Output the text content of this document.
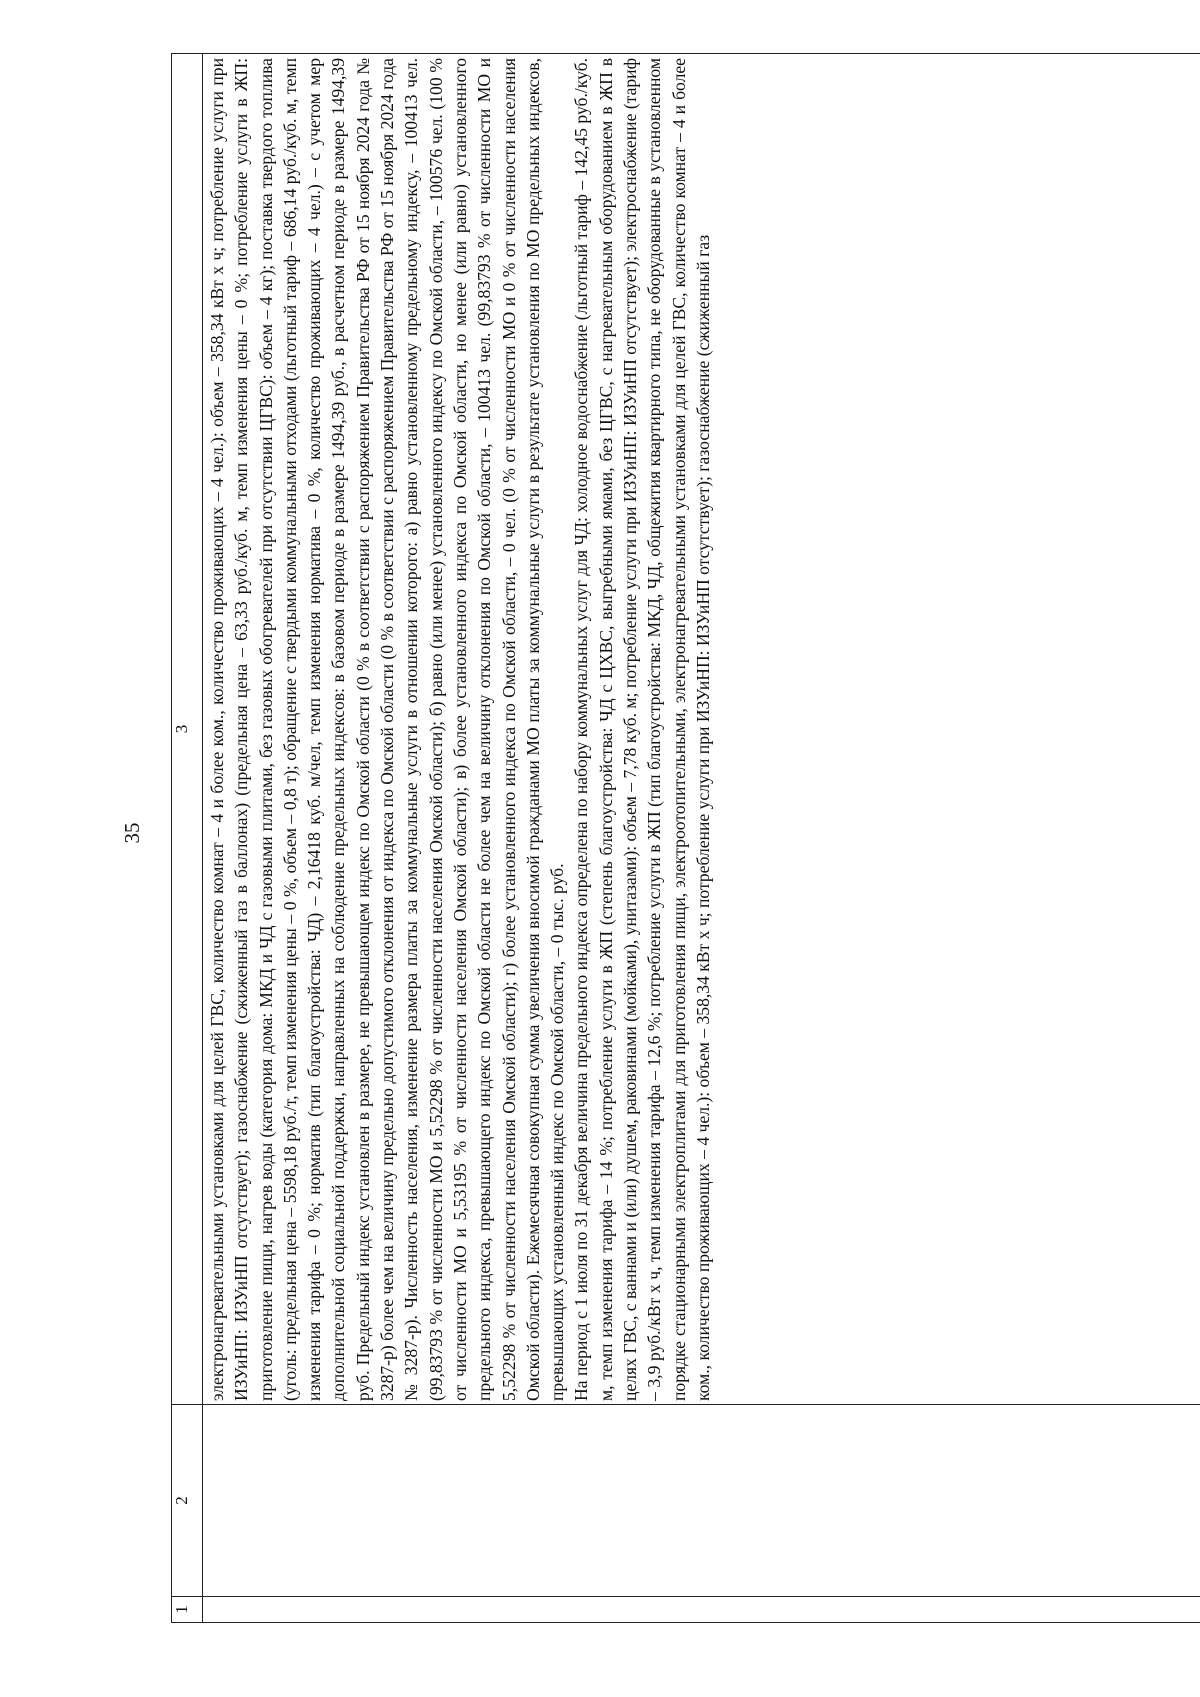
35
1	2	3

		электронагревательными установками для целей ГВС, количество комнат – 4 и более ком., количество проживающих – 4 чел.): объем – 358,34 кВт х ч; потребление услуги при ИЗУиНП: ИЗУиНП отсутствует); газоснабжение (сжиженный газ в баллонах) (предельная цена – 63,33 руб./куб. м, темп изменения цены – 0 %; потребление услуги в ЖП: приготовление пищи, нагрев воды (категория дома: МКД и ЧД с газовыми плитами, без газовых обогревателей при отсутствии ЦГВС): объем – 4 кг); поставка твердого топлива (уголь: предельная цена – 5598,18 руб./т, темп изменения цены – 0 %, объем – 0,8 т); обращение с твердыми коммунальными отходами (льготный тариф – 686,14 руб./куб. м, темп изменения тарифа – 0 %; норматив (тип благоустройства: ЧД) – 2,16418 куб. м/чел, темп изменения норматива – 0 %, количество проживающих – 4 чел.) – с учетом мер дополнительной социальной поддержки, направленных на соблюдение предельных индексов: в базовом периоде в размере 1494,39 руб., в расчетном периоде в размере 1494,39 руб. Предельный индекс установлен в размере, не превышающем индекс по Омской области (0 % в соответствии с распоряжением Правительства РФ от 15 ноября 2024 года № 3287-р) более чем на величину предельно допустимого отклонения от индекса по Омской области (0 % в соответствии с распоряжением Правительства РФ от 15 ноября 2024 года № 3287-р). Численность населения, изменение размера платы за коммунальные услуги в отношении которого: а) равно установленному предельному индексу, – 100413 чел. (99,83793 % от численности МО и 5,52298 % от численности населения Омской области); б) равно (или менее) установленного индексу по Омской области, – 100576 чел. (100 % от численности МО и 5,53195 % от численности населения Омской области); в) более установленного индекса по Омской области, но менее (или равно) установленного предельного индекса, превышающего индекс по Омской области не более чем на величину отклонения по Омской области, – 100413 чел. (99,83793 % от численности МО и 5,52298 % от численности населения Омской области); г) более установленного индекса по Омской области, – 0 чел. (0 % от численности МО и 0 % от численности населения Омской области). Ежемесячная совокупная сумма увеличения вносимой гражданами МО платы за коммунальные услуги в результате установления по МО предельных индексов, превышающих установленный индекс по Омской области, – 0 тыс. руб. На период с 1 июля по 31 декабря величина предельного индекса определена по набору коммунальных услуг для ЧД: холодное водоснабжение (льготный тариф – 142,45 руб./куб. м, темп изменения тарифа – 14 %; потребление услуги в ЖП (степень благоустройства: ЧД с ЦХВС, выгребными ямами, без ЦГВС, с нагревательным оборудованием в ЖП в целях ГВС, с ваннами и (или) душем, раковинами (мойками), унитазами): объем – 7,78 куб. м; потребление услуги при ИЗУиНП: ИЗУиНП отсутствует); электроснабжение (тариф – 3,9 руб./кВт х ч, темп изменения тарифа – 12,6 %; потребление услуги в ЖП (тип благоустройства: МКД, ЧД, общежития квартирного типа, не оборудованные в установленном порядке стационарными электроплитами для приготовления пищи, электроотопительными, электронагревательными установками для целей ГВС, количество комнат – 4 и более ком., количество проживающих – 4 чел.): объем – 358,34 кВт х ч; потребление услуги при ИЗУиНП: ИЗУиНП отсутствует); газоснабжение (сжиженный газ
